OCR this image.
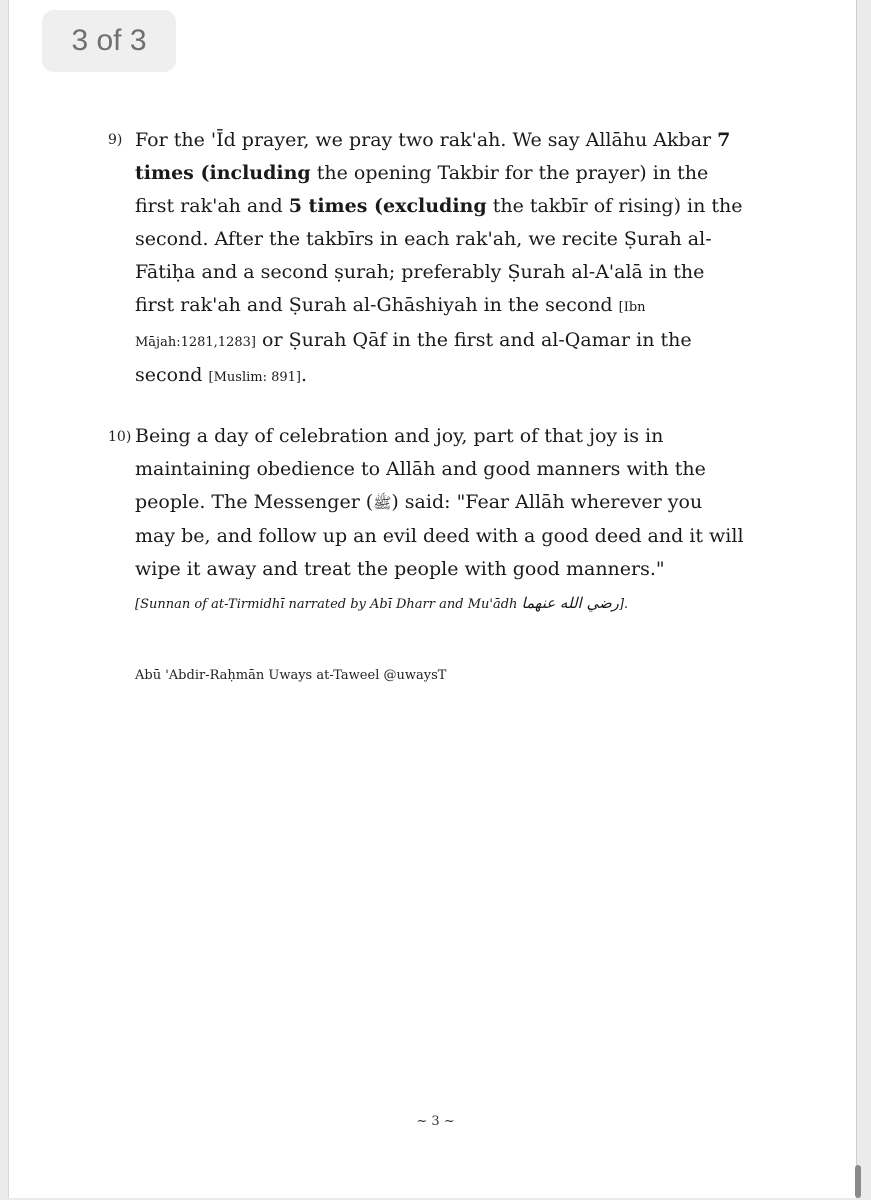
3 of 3
9) For the 'Īd prayer, we pray two rak'ah. We say Allāhu Akbar 7 times (including the opening Takbir for the prayer) in the first rak'ah and 5 times (excluding the takbīr of rising) in the second. After the takbīrs in each rak'ah, we recite Ṣurah al-Fātiḥa and a second ṣurah; preferably Ṣurah al-A'alā in the first rak'ah and Ṣurah al-Ghāshiyah in the second [Ibn Mājah:1281,1283] or Ṣurah Qāf in the first and al-Qamar in the second [Muslim: 891].
10) Being a day of celebration and joy, part of that joy is in maintaining obedience to Allāh and good manners with the people. The Messenger (ﷺ) said: "Fear Allāh wherever you may be, and follow up an evil deed with a good deed and it will wipe it away and treat the people with good manners."
[Sunnan of at-Tirmidhī narrated by Abī Dharr and Mu'ādh رضي الله عنهما].
Abū 'Abdir-Raḥmān Uways at-Taweel @uwaysT
~ 3 ~
